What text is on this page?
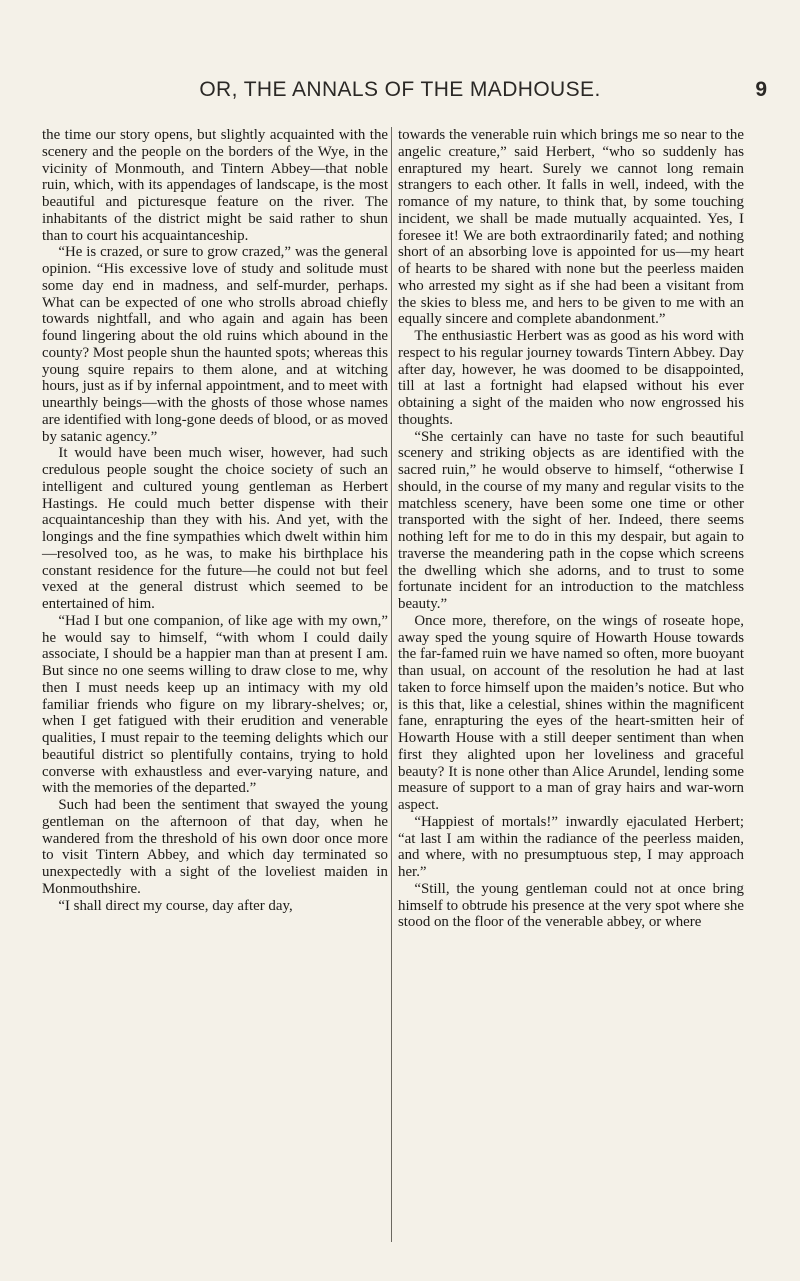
OR, THE ANNALS OF THE MADHOUSE.	9

the time our story opens, but slightly acquainted with the scenery and the people on the borders of the Wye, in the vicinity of Monmouth, and Tintern Abbey—that noble ruin, which, with its appendages of landscape, is the most beautiful and picturesque feature on the river. The inhabitants of the district might be said rather to shun than to court his acquaintanceship.

“He is crazed, or sure to grow crazed,” was the general opinion. “His excessive love of study and solitude must some day end in madness, and self-murder, perhaps. What can be expected of one who strolls abroad chiefly towards nightfall, and who again and again has been found lingering about the old ruins which abound in the county? Most people shun the haunted spots; whereas this young squire repairs to them alone, and at witching hours, just as if by infernal appointment, and to meet with unearthly beings—with the ghosts of those whose names are identified with long-gone deeds of blood, or as moved by satanic agency.”

It would have been much wiser, however, had such credulous people sought the choice society of such an intelligent and cultured young gentleman as Herbert Hastings. He could much better dispense with their acquaintanceship than they with his. And yet, with the longings and the fine sympathies which dwelt within him—resolved too, as he was, to make his birthplace his constant residence for the future—he could not but feel vexed at the general distrust which seemed to be entertained of him.

“Had I but one companion, of like age with my own,” he would say to himself, “with whom I could daily associate, I should be a happier man than at present I am. But since no one seems willing to draw close to me, why then I must needs keep up an intimacy with my old familiar friends who figure on my library-shelves; or, when I get fatigued with their erudition and venerable qualities, I must repair to the teeming delights which our beautiful district so plentifully contains, trying to hold converse with exhaustless and ever-varying nature, and with the memories of the departed.”

Such had been the sentiment that swayed the young gentleman on the afternoon of that day, when he wandered from the threshold of his own door once more to visit Tintern Abbey, and which day terminated so unexpectedly with a sight of the loveliest maiden in Monmouthshire.

“I shall direct my course, day after day,

towards the venerable ruin which brings me so near to the angelic creature,” said Herbert, “who so suddenly has enraptured my heart. Surely we cannot long remain strangers to each other. It falls in well, indeed, with the romance of my nature, to think that, by some touching incident, we shall be made mutually acquainted. Yes, I foresee it! We are both extraordinarily fated; and nothing short of an absorbing love is appointed for us—my heart of hearts to be shared with none but the peerless maiden who arrested my sight as if she had been a visitant from the skies to bless me, and hers to be given to me with an equally sincere and complete abandonment.”

The enthusiastic Herbert was as good as his word with respect to his regular journey towards Tintern Abbey. Day after day, however, he was doomed to be disappointed, till at last a fortnight had elapsed without his ever obtaining a sight of the maiden who now engrossed his thoughts.

“She certainly can have no taste for such beautiful scenery and striking objects as are identified with the sacred ruin,” he would observe to himself, “otherwise I should, in the course of my many and regular visits to the matchless scenery, have been some one time or other transported with the sight of her. Indeed, there seems nothing left for me to do in this my despair, but again to traverse the meandering path in the copse which screens the dwelling which she adorns, and to trust to some fortunate incident for an introduction to the matchless beauty.”

Once more, therefore, on the wings of roseate hope, away sped the young squire of Howarth House towards the far-famed ruin we have named so often, more buoyant than usual, on account of the resolution he had at last taken to force himself upon the maiden’s notice. But who is this that, like a celestial, shines within the magnificent fane, enrapturing the eyes of the heart-smitten heir of Howarth House with a still deeper sentiment than when first they alighted upon her loveliness and graceful beauty? It is none other than Alice Arundel, lending some measure of support to a man of gray hairs and war-worn aspect.

“Happiest of mortals!” inwardly ejaculated Herbert; “at last I am within the radiance of the peerless maiden, and where, with no presumptuous step, I may approach her.”

“Still, the young gentleman could not at once bring himself to obtrude his presence at the very spot where she stood on the floor of the venerable abbey, or where
